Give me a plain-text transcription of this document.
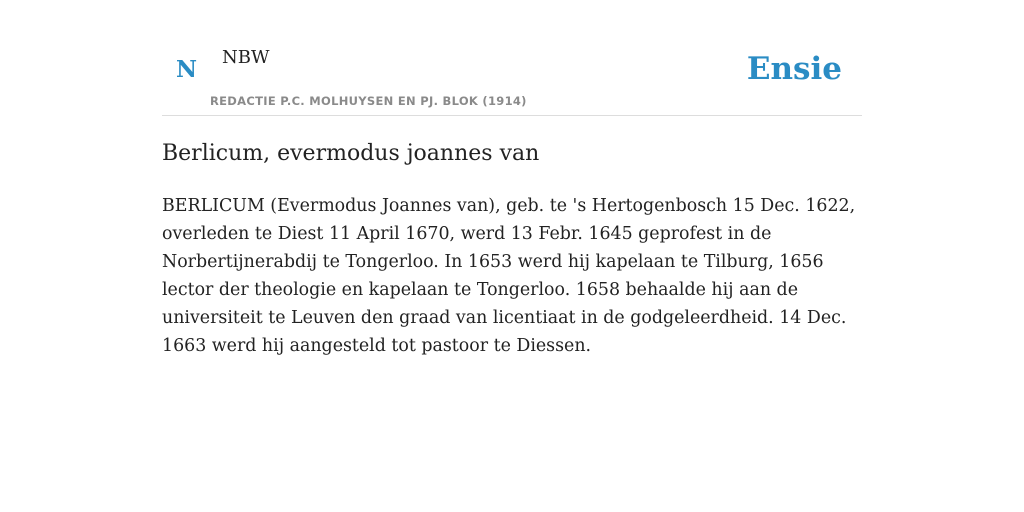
N NBW
REDACTIE P.C. MOLHUYSEN EN PJ. BLOK (1914)
Ensie
Berlicum, evermodus joannes van

BERLICUM (Evermodus Joannes van), geb. te 's Hertogenbosch 15 Dec. 1622, overleden te Diest 11 April 1670, werd 13 Febr. 1645 geprofest in de Norbertijnerabdij te Tongerloo. In 1653 werd hij kapelaan te Tilburg, 1656 lector der theologie en kapelaan te Tongerloo. 1658 behaalde hij aan de universiteit te Leuven den graad van licentiaat in de godgeleerdheid. 14 Dec. 1663 werd hij aangesteld tot pastoor te Diessen.
